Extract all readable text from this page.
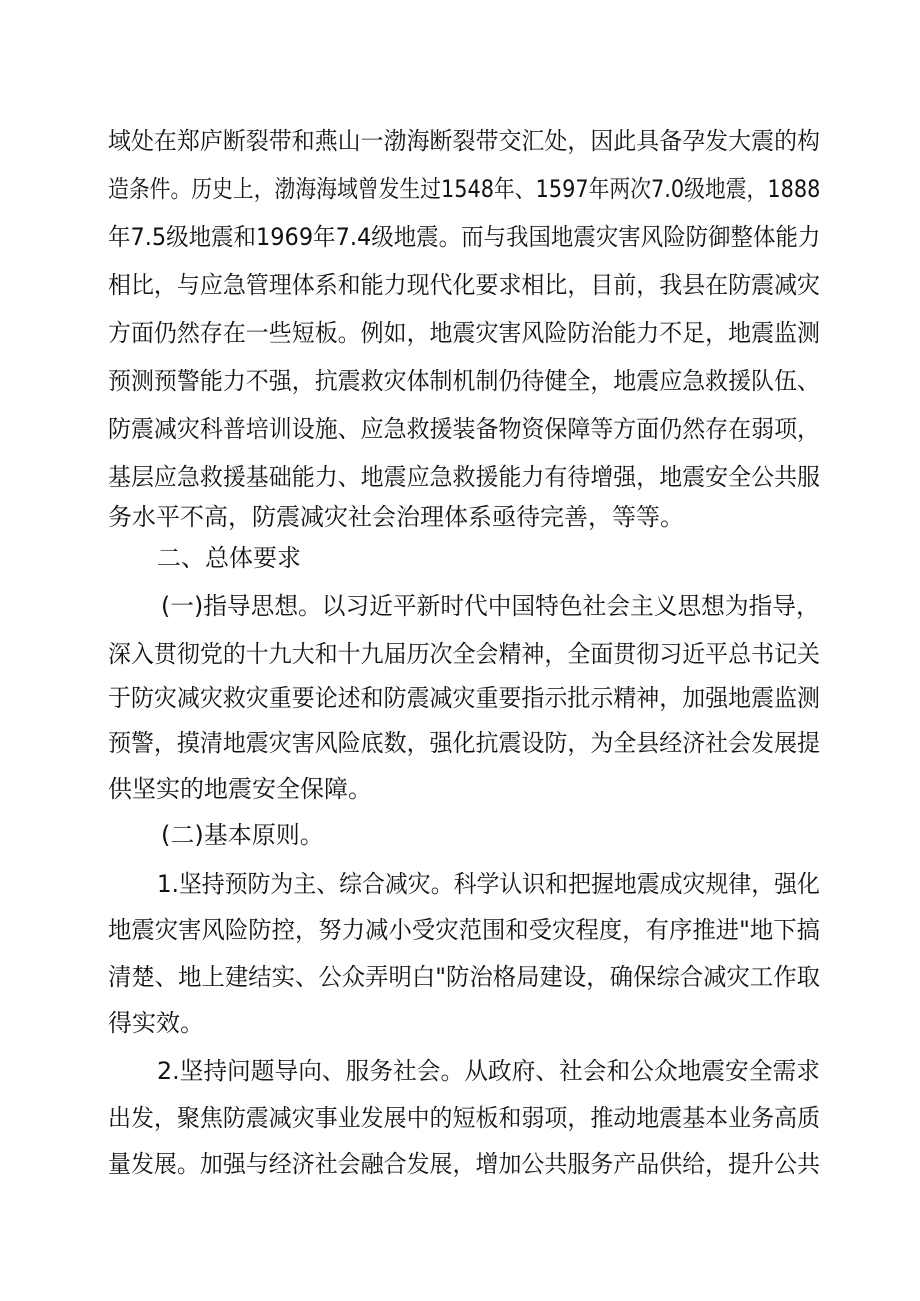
域处在郑庐断裂带和燕山一渤海断裂带交汇处，因此具备孕发大震的构
造条件。历史上，渤海海域曾发生过1548年、1597年两次7.0级地震，1888
年7.5级地震和1969年7.4级地震。而与我国地震灾害风险防御整体能力
相比，与应急管理体系和能力现代化要求相比，目前，我县在防震减灾
方面仍然存在一些短板。例如，地震灾害风险防治能力不足，地震监测
预测预警能力不强，抗震救灾体制机制仍待健全，地震应急救援队伍、
防震减灾科普培训设施、应急救援装备物资保障等方面仍然存在弱项，
基层应急救援基础能力、地震应急救援能力有待增强，地震安全公共服
务水平不高，防震减灾社会治理体系亟待完善，等等。
二、总体要求
(一)指导思想。以习近平新时代中国特色社会主义思想为指导，
深入贯彻党的十九大和十九届历次全会精神，全面贯彻习近平总书记关
于防灾减灾救灾重要论述和防震减灾重要指示批示精神，加强地震监测
预警，摸清地震灾害风险底数，强化抗震设防，为全县经济社会发展提
供坚实的地震安全保障。
(二)基本原则。
1.坚持预防为主、综合减灾。科学认识和把握地震成灾规律，强化
地震灾害风险防控，努力减小受灾范围和受灾程度，有序推进"地下搞
清楚、地上建结实、公众弄明白"防治格局建设，确保综合减灾工作取
得实效。
2.坚持问题导向、服务社会。从政府、社会和公众地震安全需求
出发，聚焦防震减灾事业发展中的短板和弱项，推动地震基本业务高质
量发展。加强与经济社会融合发展，增加公共服务产品供给，提升公共
